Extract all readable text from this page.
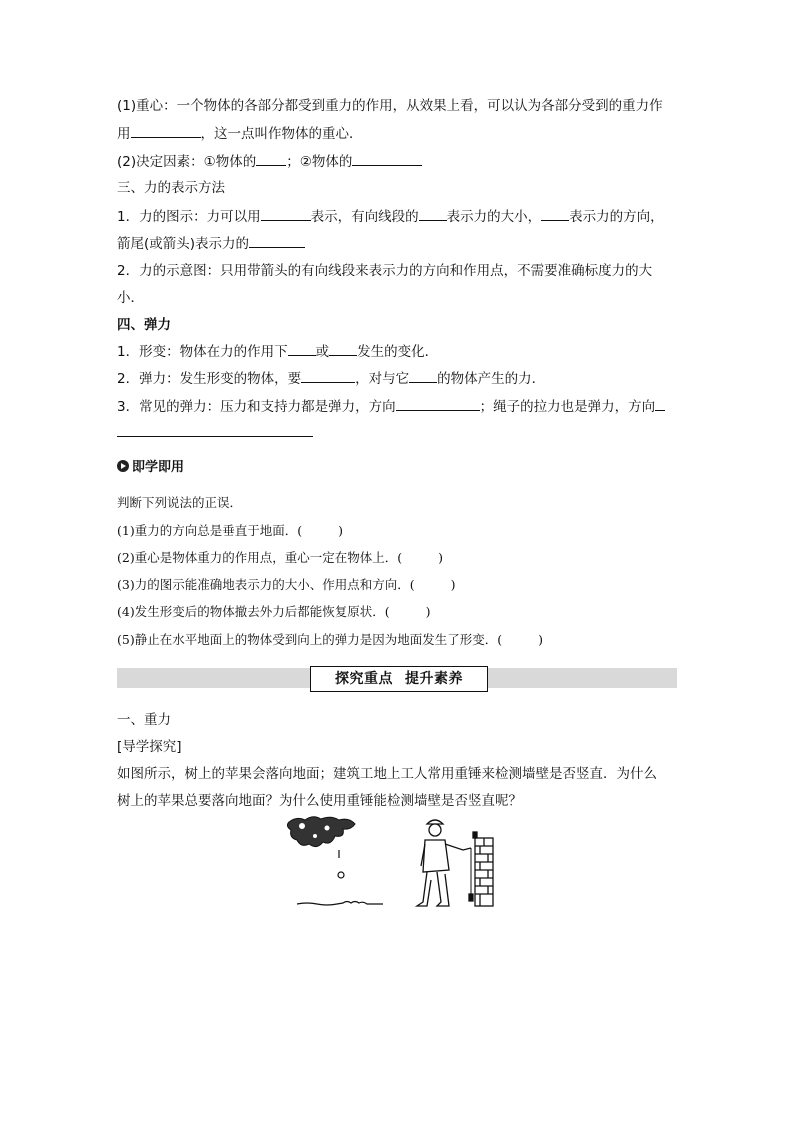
(1)重心：一个物体的各部分都受到重力的作用，从效果上看，可以认为各部分受到的重力作
用	，这一点叫作物体的重心．
(2)决定因素：①物体的 ；②物体的
三、力的表示方法
1．力的图示：力可以用	表示，有向线段的 表示力的大小， 表示力的方向，
箭尾(或箭头)表示力的
2．力的示意图：只用带箭头的有向线段来表示力的方向和作用点，不需要准确标度力的大
小．
四、弹力
1．形变：物体在力的作用下 或 发生的变化．
2．弹力：发生形变的物体，要	，对与它 的物体产生的力．
3．常见的弹力：压力和支持力都是弹力，方向	；绳子的拉力也是弹力，方向
即学即用
判断下列说法的正误．
(1)重力的方向总是垂直于地面．(	)
(2)重心是物体重力的作用点，重心一定在物体上．(	)
(3)力的图示能准确地表示力的大小、作用点和方向．(	)
(4)发生形变后的物体撤去外力后都能恢复原状．(	)
(5)静止在水平地面上的物体受到向上的弹力是因为地面发生了形变．(	)
探究重点 提升素养
一、重力
[导学探究]
如图所示，树上的苹果会落向地面；建筑工地上工人常用重锤来检测墙壁是否竖直．为什么
树上的苹果总要落向地面？为什么使用重锤能检测墙壁是否竖直呢？
